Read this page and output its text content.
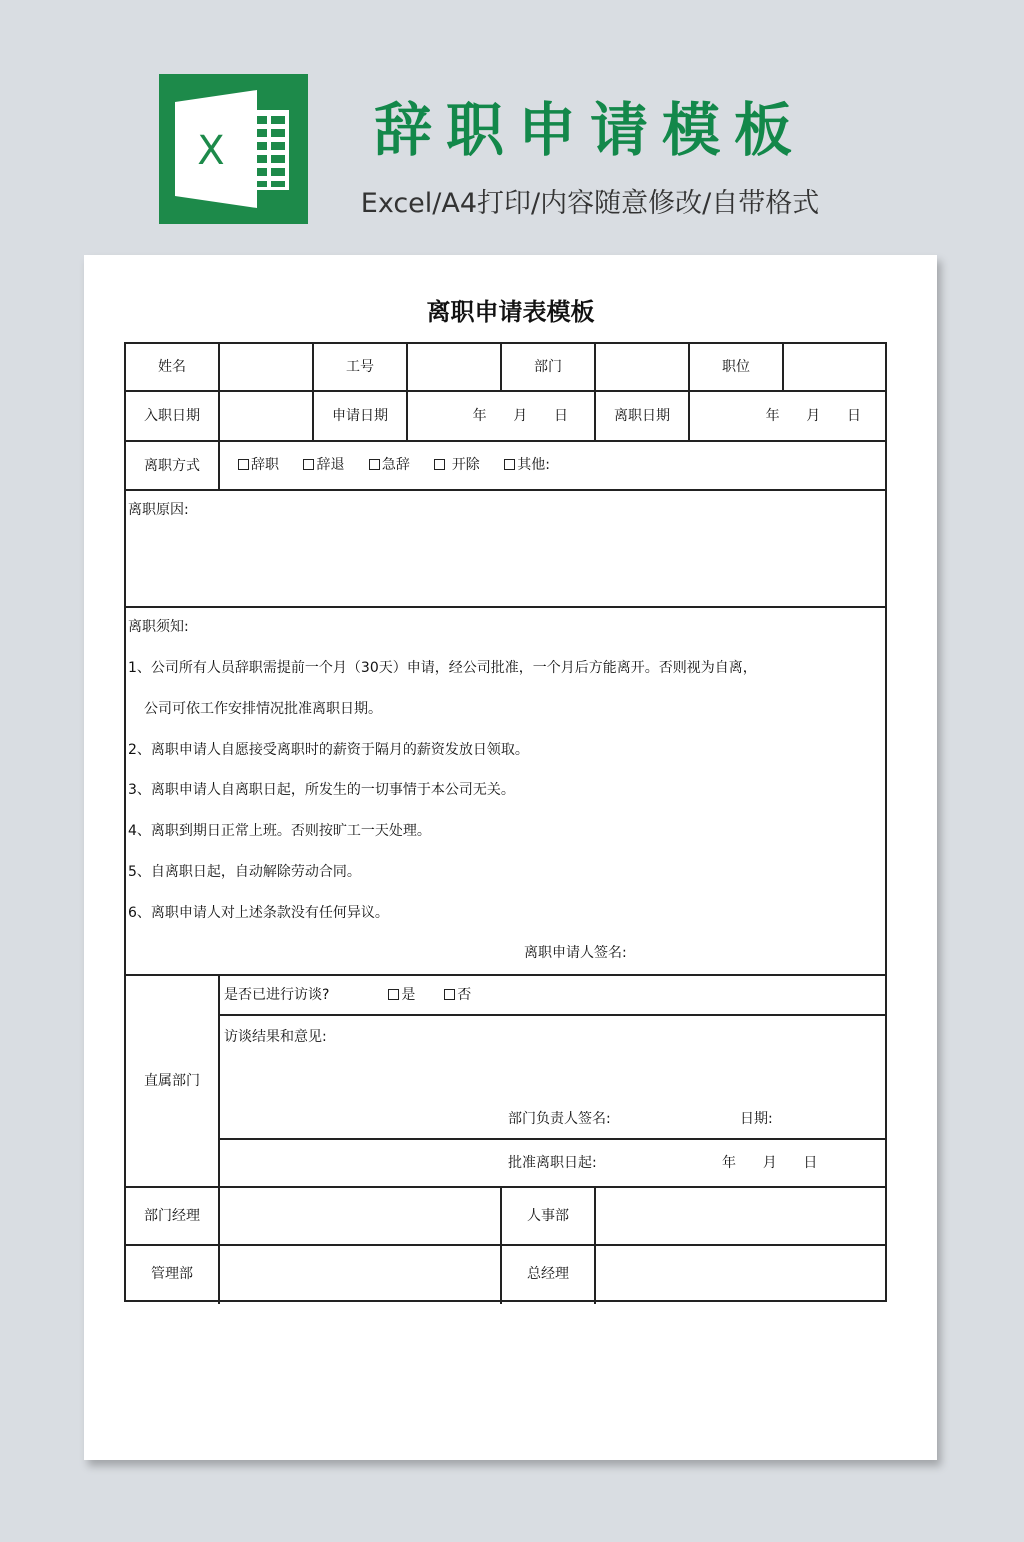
X	辞职申请模板
Excel/A4打印/内容随意修改/自带格式
离职申请表模板
姓名	工号	部门	职位
入职日期	申请日期	年      月      日	离职日期	年      月      日
离职方式	辞职	辞退	急辞	开除	其他:
离职原因:
离职须知:
1、公司所有人员辞职需提前一个月（30天）申请，经公司批准，一个月后方能离开。否则视为自离，
公司可依工作安排情况批准离职日期。
2、离职申请人自愿接受离职时的薪资于隔月的薪资发放日领取。
3、离职申请人自离职日起，所发生的一切事情于本公司无关。
4、离职到期日正常上班。否则按旷工一天处理。
5、自离职日起，自动解除劳动合同。
6、离职申请人对上述条款没有任何异议。
离职申请人签名:
直属部门
是否已进行访谈?	是	否
访谈结果和意见:
部门负责人签名:	日期:
批准离职日起:	年      月      日
部门经理	人事部
管理部	总经理
